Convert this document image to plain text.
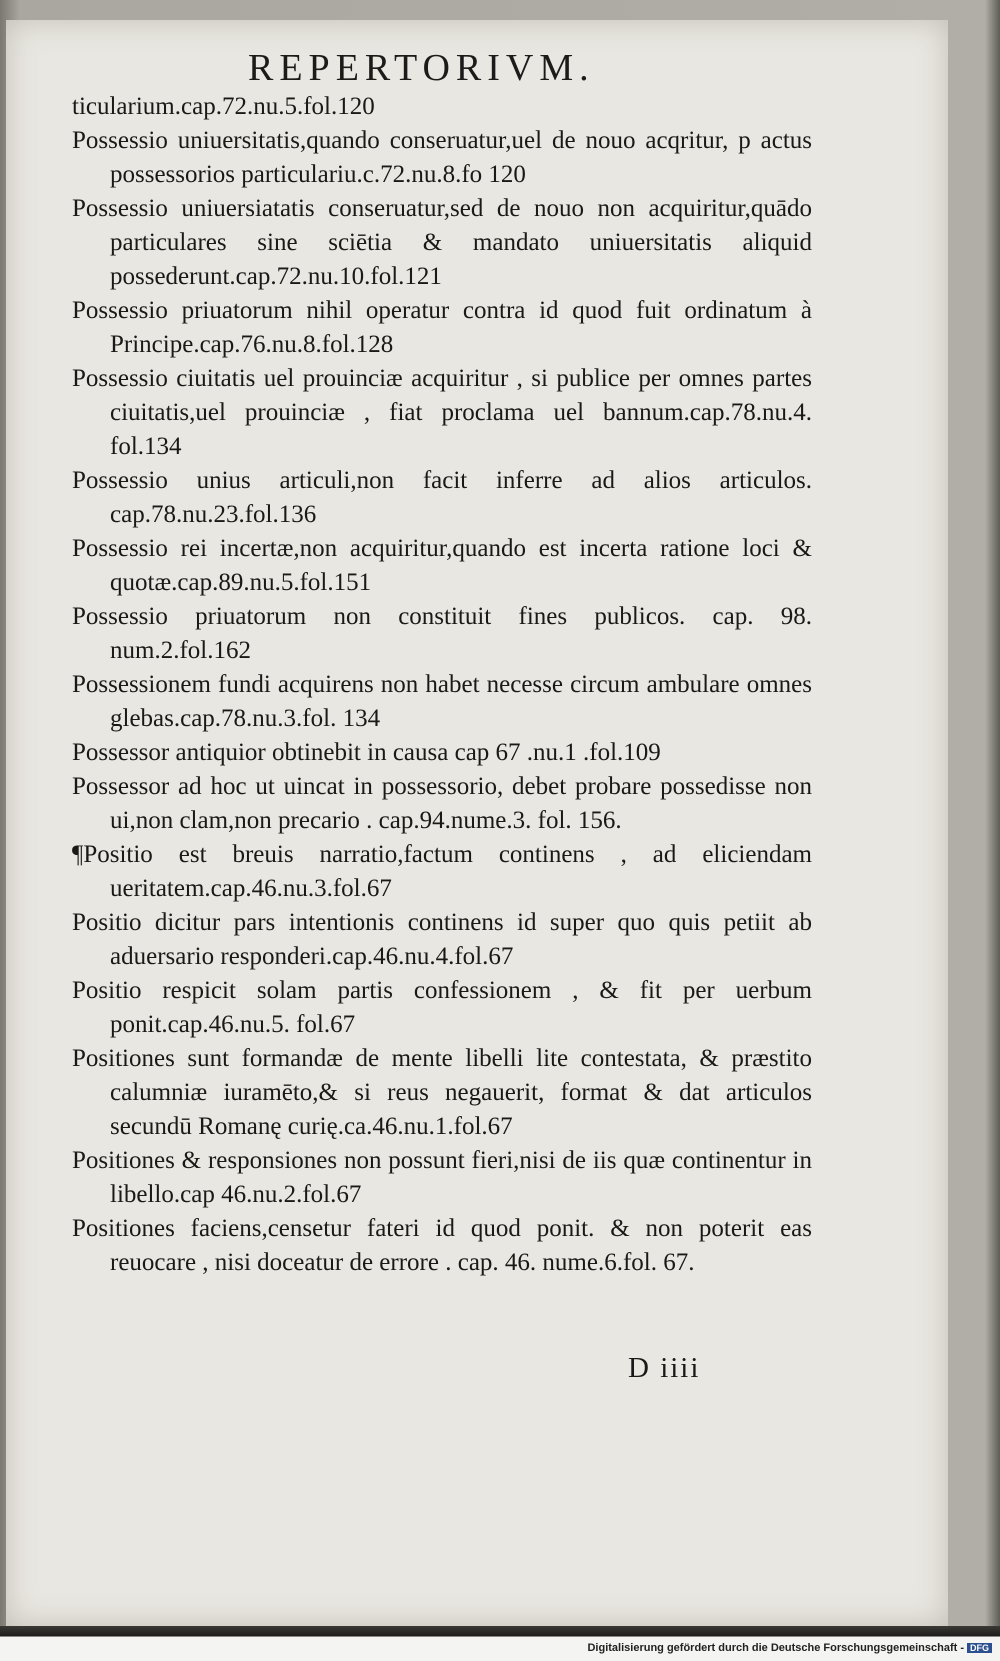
REPERTORIVM.

ticularium.cap.72.nu.5.fol.120

Possessio uniuersitatis,quando conseruatur,uel de nouo acqritur, p actus possessorios particulariu.c.72.nu.8.fo 120

Possessio uniuersiatatis conseruatur,sed de nouo non acquiritur,quādo particulares sine sciētia & mandato uniuersitatis aliquid possederunt.cap.72.nu.10.fol.121

Possessio priuatorum nihil operatur contra id quod fuit ordinatum à Principe.cap.76.nu.8.fol.128

Possessio ciuitatis uel prouinciæ acquiritur , si publice per omnes partes ciuitatis,uel prouinciæ , fiat proclama uel bannum.cap.78.nu.4. fol.134

Possessio unius articuli,non facit inferre ad alios articulos. cap.78.nu.23.fol.136

Possessio rei incertæ,non acquiritur,quando est incerta ratione loci & quotæ.cap.89.nu.5.fol.151

Possessio priuatorum non constituit fines publicos. cap. 98. num.2.fol.162

Possessionem fundi acquirens non habet necesse circum ambulare omnes glebas.cap.78.nu.3.fol. 134

Possessor antiquior obtinebit in causa cap 67 .nu.1 .fol.109

Possessor ad hoc ut uincat in possessorio, debet probare possedisse non ui,non clam,non precario . cap.94.nume.3. fol. 156.

¶Positio est breuis narratio,factum continens , ad eliciendam ueritatem.cap.46.nu.3.fol.67

Positio dicitur pars intentionis continens id super quo quis petiit ab aduersario responderi.cap.46.nu.4.fol.67

Positio respicit solam partis confessionem , & fit per uerbum ponit.cap.46.nu.5. fol.67

Positiones sunt formandæ de mente libelli lite contestata, & præstito calumniæ iuramēto,& si reus negauerit, format & dat articulos secundū Romanę curię.ca.46.nu.1.fol.67

Positiones & responsiones non possunt fieri,nisi de iis quæ continentur in libello.cap 46.nu.2.fol.67

Positiones faciens,censetur fateri id quod ponit. & non poterit eas reuocare , nisi doceatur de errore . cap. 46. nume.6.fol. 67.

D iiii
Digitalisierung gefördert durch die Deutsche Forschungsgemeinschaft - DFG
